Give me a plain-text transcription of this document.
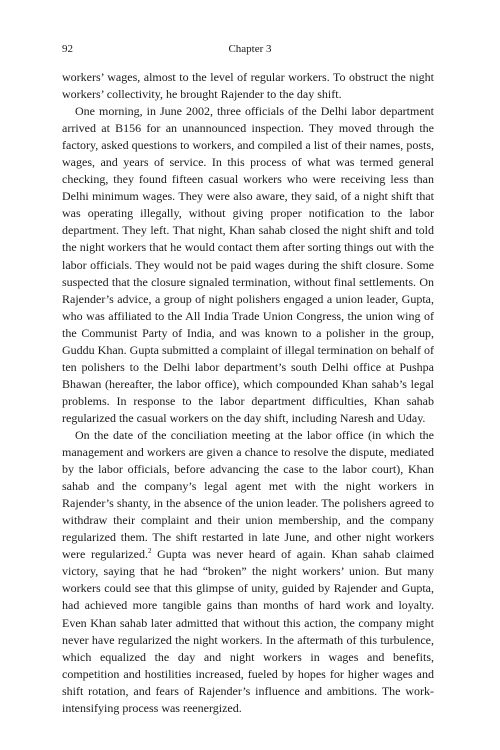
92	Chapter 3

workers’ wages, almost to the level of regular workers. To obstruct the night workers’ collectivity, he brought Rajender to the day shift.

One morning, in June 2002, three officials of the Delhi labor department arrived at B156 for an unannounced inspection. They moved through the factory, asked questions to workers, and compiled a list of their names, posts, wages, and years of service. In this process of what was termed general checking, they found fifteen casual workers who were receiving less than Delhi minimum wages. They were also aware, they said, of a night shift that was operating illegally, without giving proper notification to the labor department. They left. That night, Khan sahab closed the night shift and told the night workers that he would contact them after sorting things out with the labor officials. They would not be paid wages during the shift closure. Some suspected that the closure signaled termination, without final settlements. On Rajender’s advice, a group of night polishers engaged a union leader, Gupta, who was affiliated to the All India Trade Union Congress, the union wing of the Communist Party of India, and was known to a polisher in the group, Guddu Khan. Gupta submitted a complaint of illegal termination on behalf of ten polishers to the Delhi labor department’s south Delhi office at Pushpa Bhawan (hereafter, the labor office), which compounded Khan sahab’s legal problems. In response to the labor department difficulties, Khan sahab regularized the casual workers on the day shift, including Naresh and Uday.

On the date of the conciliation meeting at the labor office (in which the management and workers are given a chance to resolve the dispute, mediated by the labor officials, before advancing the case to the labor court), Khan sahab and the company’s legal agent met with the night workers in Rajender’s shanty, in the absence of the union leader. The polishers agreed to withdraw their complaint and their union membership, and the company regularized them. The shift restarted in late June, and other night workers were regularized.$^2$ Gupta was never heard of again. Khan sahab claimed victory, saying that he had “broken” the night workers’ union. But many workers could see that this glimpse of unity, guided by Rajender and Gupta, had achieved more tangible gains than months of hard work and loyalty. Even Khan sahab later admitted that without this action, the company might never have regularized the night workers. In the aftermath of this turbulence, which equalized the day and night workers in wages and benefits, competition and hostilities increased, fueled by hopes for higher wages and shift rotation, and fears of Rajender’s influence and ambitions. The work-intensifying process was reenergized.
